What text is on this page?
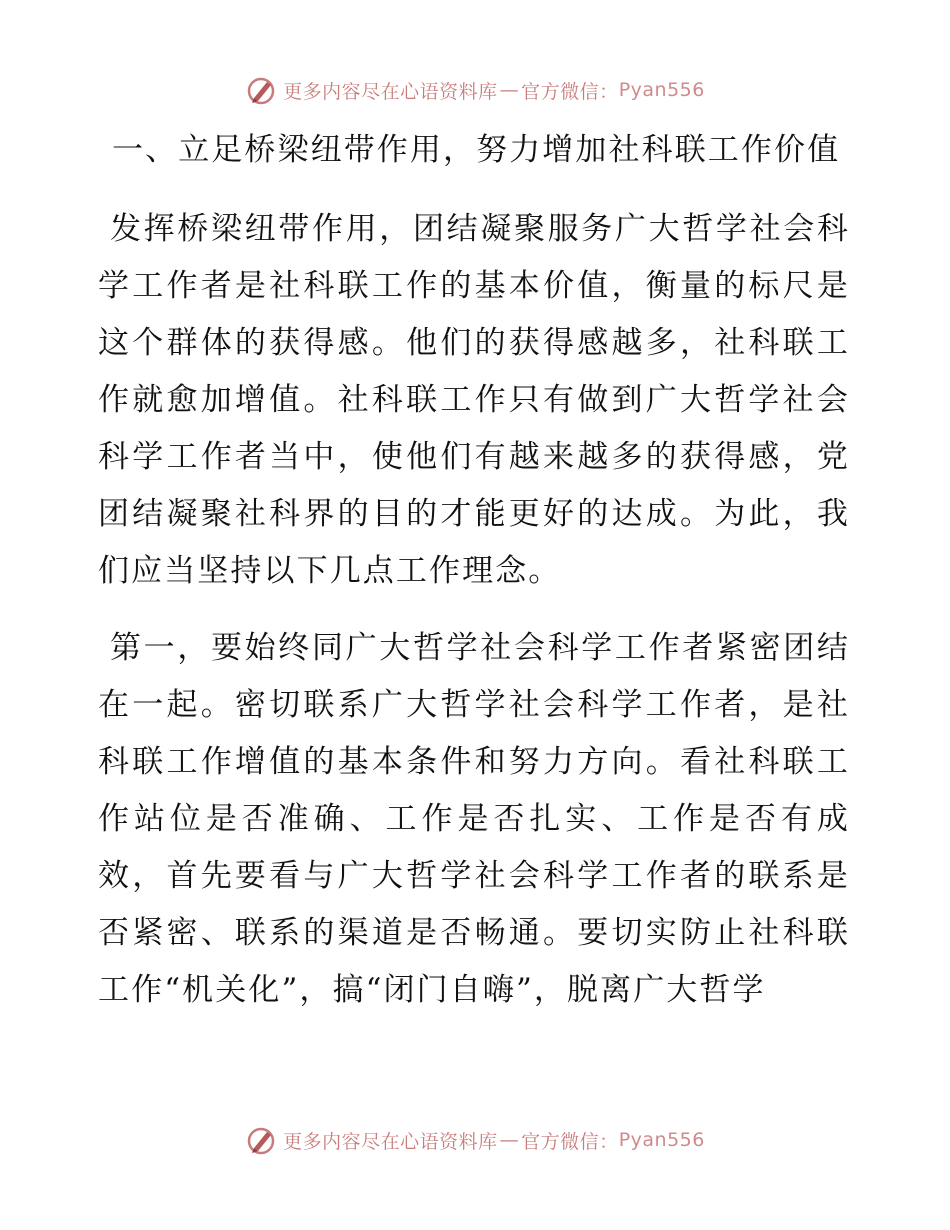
更多内容尽在心语资料库 — 官方微信： Pyan556

一、立足桥梁纽带作用，努力增加社科联工作价值

发挥桥梁纽带作用，团结凝聚服务广大哲学社会科学工作者是社科联工作的基本价值，衡量的标尺是这个群体的获得感。他们的获得感越多，社科联工作就愈加增值。社科联工作只有做到广大哲学社会科学工作者当中，使他们有越来越多的获得感，党团结凝聚社科界的目的才能更好的达成。为此，我们应当坚持以下几点工作理念。

第一，要始终同广大哲学社会科学工作者紧密团结在一起。密切联系广大哲学社会科学工作者，是社科联工作增值的基本条件和努力方向。看社科联工作站位是否准确、工作是否扎实、工作是否有成效，首先要看与广大哲学社会科学工作者的联系是否紧密、联系的渠道是否畅通。要切实防止社科联工作“机关化”，搞“闭门自嗨”，脱离广大哲学

更多内容尽在心语资料库 — 官方微信： Pyan556
